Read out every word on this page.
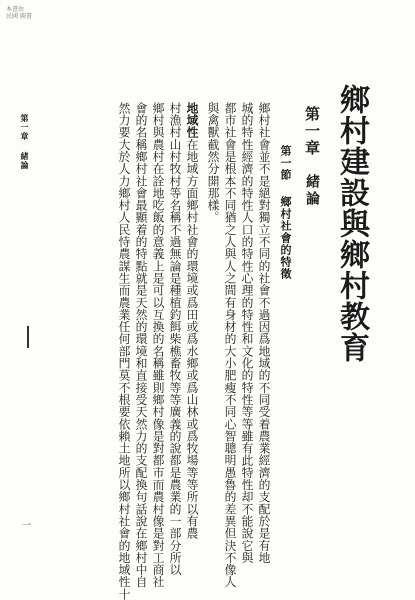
本書由
民國 圖書
鄉村建設與鄉村教育
第一章
緒論
第一節
鄉村社會的特徵
鄉村社會並不是絕對獨立不同的社會不過因爲地域的不同受着農業經濟的支配於是有地
城的特性經濟的特性人口的特性心理的特性和文化的特性等等雖有此特性却不能說它與
都市社會是根本不同猶之人與人之間有身材的大小肥瘦不同心智聰明愚魯的差異但決不像人
與禽獸截然分開那樣。
地域性在地域方面鄉村社會的環境或爲田或爲水鄉或爲山林或爲牧場等等所以有農
村漁村山村牧村等名稱不過無論是種植釣餌柴樵畜牧等等廣義的說都是農業的一部分所以
鄉村與農村在詮地吃飯的意義上是可以互換的名稱雖則鄉村像是對都市而農村像是對工商社
會的名稱鄉村社會最顯着的特點就是天然的環境和直接受天然力的支配換句話說在鄉村中自
然力要大於人力鄉村人民恃農謀生而農業任何部門莫不根要依賴土地所以鄉村社會的地域性十
第一章 緒論
一
